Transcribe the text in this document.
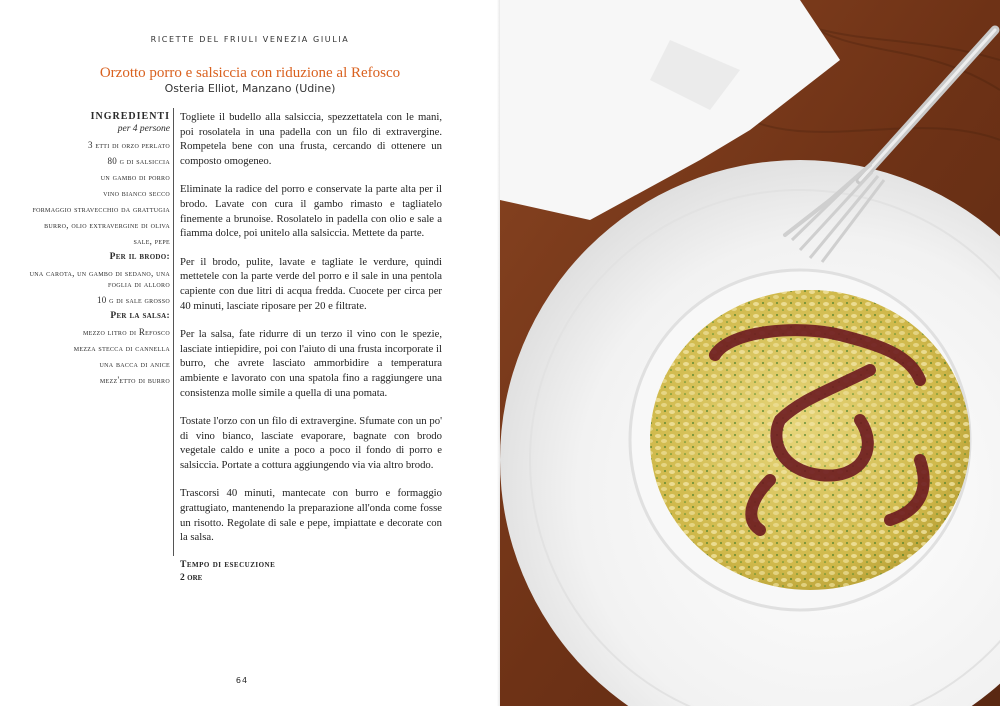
RICETTE DEL FRIULI VENEZIA GIULIA
Orzotto porro e salsiccia con riduzione al Refosco
Osteria Elliot, Manzano (Udine)
INGREDIENTI
per 4 persone
3 etti di orzo perlato
80 g di salsiccia
un gambo di porro
vino bianco secco
formaggio stravecchio da grattugia
burro, olio extravergine di oliva
sale, pepe
Per il brodo:
una carota, un gambo di sedano, una foglia di alloro
10 g di sale grosso
Per la salsa:
mezzo litro di Refosco
mezza stecca di cannella
una bacca di anice
mezz'etto di burro

Togliete il budello alla salsiccia, spezzettatela con le mani, poi rosolatela in una padella con un filo di extravergine. Rompetela bene con una frusta, cercando di ottenere un composto omogeneo.

Eliminate la radice del porro e conservate la parte alta per il brodo. Lavate con cura il gambo rimasto e tagliatelo finemente a brunoise. Rosolatelo in padella con olio e sale a fiamma dolce, poi unitelo alla salsiccia. Mettete da parte.

Per il brodo, pulite, lavate e tagliate le verdure, quindi mettetele con la parte verde del porro e il sale in una pentola capiente con due litri di acqua fredda. Cuocete per circa per 40 minuti, lasciate riposare per 20 e filtrate.

Per la salsa, fate ridurre di un terzo il vino con le spezie, lasciate intiepidire, poi con l'aiuto di una frusta incorporate il burro, che avrete lasciato ammorbidire a temperatura ambiente e lavorato con una spatola fino a raggiungere una consistenza molle simile a quella di una pomata.

Tostate l'orzo con un filo di extravergine. Sfumate con un po' di vino bianco, lasciate evaporare, bagnate con brodo vegetale caldo e unite a poco a poco il fondo di porro e salsiccia. Portate a cottura aggiungendo via via altro brodo.

Trascorsi 40 minuti, mantecate con burro e formaggio grattugiato, mantenendo la preparazione all'onda come fosse un risotto. Regolate di sale e pepe, impiattate e decorate con la salsa.

Tempo di esecuzione
2 ore
64
